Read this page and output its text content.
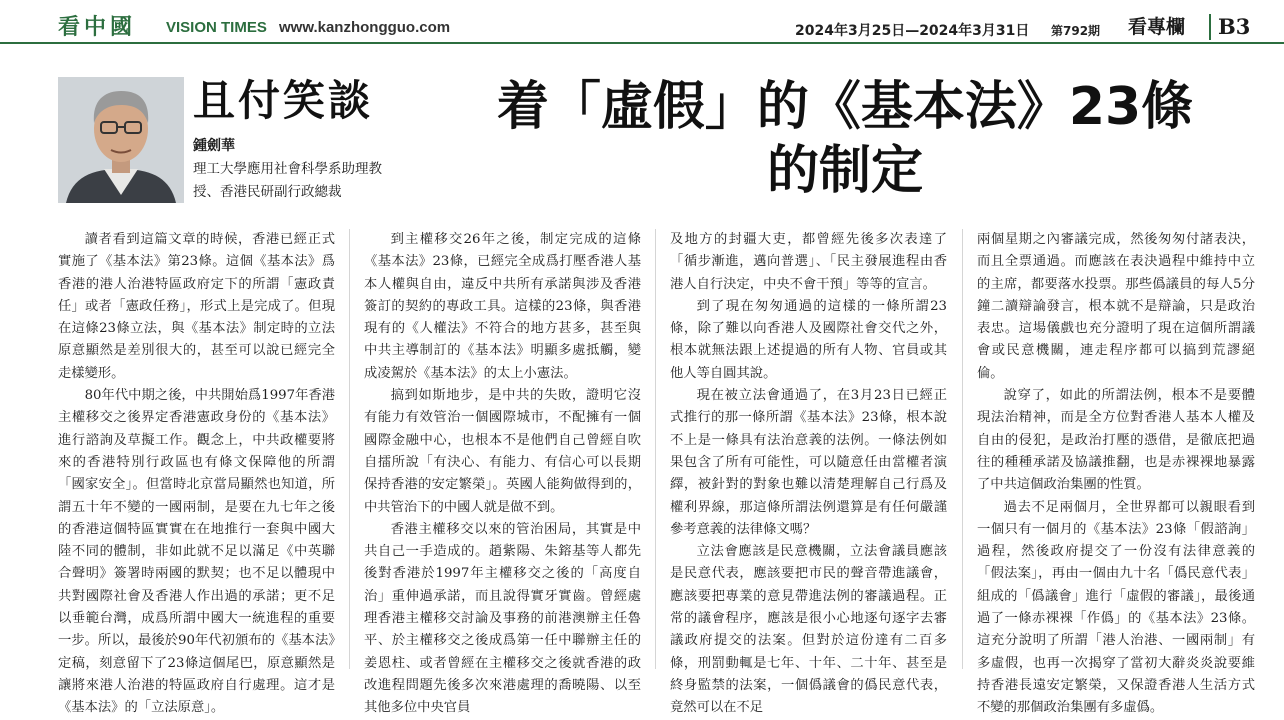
看中國 VISION TIMES www.kanzhongguo.com	2024年3月25日—2024年3月31日 第792期 看專欄 B3
且付笑談
鍾劍華
理工大學應用社會科學系助理教授、香港民研副行政總裁
着「虛假」的《基本法》23條
的制定

讀者看到這篇文章的時候，香港已經正式實施了《基本法》第23條。這個《基本法》爲香港的港人治港特區政府定下的所謂「憲政責任」或者「憲政任務」，形式上是完成了。但現在這條23條立法，與《基本法》制定時的立法原意顯然是差別很大的，甚至可以說已經完全走樣變形。

80年代中期之後，中共開始爲1997年香港主權移交之後界定香港憲政身份的《基本法》進行諮詢及草擬工作。觀念上，中共政權要將來的香港特別行政區也有條文保障他的所謂「國家安全」。但當時北京當局顯然也知道，所謂五十年不變的一國兩制，是要在九七年之後的香港這個特區實實在在地推行一套與中國大陸不同的體制，非如此就不足以滿足《中英聯合聲明》簽署時兩國的默契；也不足以體現中共對國際社會及香港人作出過的承諾；更不足以垂範台灣，成爲所謂中國大一統進程的重要一步。所以，最後於90年代初頒布的《基本法》定稿，刻意留下了23條這個尾巴，原意顯然是讓將來港人治港的特區政府自行處理。這才是《基本法》的「立法原意」。

到主權移交26年之後，制定完成的這條《基本法》23條，已經完全成爲打壓香港人基本人權與自由，違反中共所有承諾與涉及香港簽訂的契約的專政工具。這樣的23條，與香港現有的《人權法》不符合的地方甚多，甚至與中共主導制訂的《基本法》明顯多處抵觸，變成凌駕於《基本法》的太上小憲法。

搞到如斯地步，是中共的失敗，證明它沒有能力有效管治一個國際城市，不配擁有一個國際金融中心，也根本不是他們自己曾經自吹自擂所說「有決心、有能力、有信心可以長期保持香港的安定繁榮」。英國人能夠做得到的，中共管治下的中國人就是做不到。

香港主權移交以來的管治困局，其實是中共自己一手造成的。趙紫陽、朱鎔基等人都先後對香港於1997年主權移交之後的「高度自治」重伸過承諾，而且說得實牙實齒。曾經處理香港主權移交討論及事務的前港澳辦主任魯平、於主權移交之後成爲第一任中聯辦主任的姜恩柱、或者曾經在主權移交之後就香港的政改進程問題先後多次來港處理的喬曉陽、以至其他多位中央官員

及地方的封疆大吏，都曾經先後多次表達了「循步漸進，邁向普選」、「民主發展進程由香港人自行決定，中央不會干預」等等的宣言。

到了現在匆匆通過的這樣的一條所謂23條，除了難以向香港人及國際社會交代之外，根本就無法跟上述提過的所有人物、官員或其他人等自圓其說。

現在被立法會通過了，在3月23日已經正式推行的那一條所謂《基本法》23條，根本說不上是一條具有法治意義的法例。一條法例如果包含了所有可能性，可以隨意任由當權者演繹，被針對的對象也難以清楚理解自己行爲及權利界線，那這條所謂法例還算是有任何嚴謹參考意義的法律條文嗎？

立法會應該是民意機關，立法會議員應該是民意代表，應該要把市民的聲音帶進議會，應該要把專業的意見帶進法例的審議過程。正常的議會程序，應該是很小心地逐句逐字去審議政府提交的法案。但對於這份達有二百多條，刑罰動輒是七年、十年、二十年、甚至是終身監禁的法案，一個僞議會的僞民意代表，竟然可以在不足

兩個星期之內審議完成，然後匆匆付諸表決，而且全票通過。而應該在表決過程中維持中立的主席，都要落水投票。那些僞議員的每人5分鐘二讀辯論發言，根本就不是辯論，只是政治表忠。這場儀戲也充分證明了現在這個所謂議會或民意機關，連走程序都可以搞到荒謬絕倫。

說穿了，如此的所謂法例，根本不是要體現法治精神，而是全方位對香港人基本人權及自由的侵犯，是政治打壓的憑借，是徹底把過往的種種承諾及協議推翻，也是赤裸裸地暴露了中共這個政治集團的性質。

過去不足兩個月，全世界都可以親眼看到一個只有一個月的《基本法》23條「假諮詢」過程，然後政府提交了一份沒有法律意義的「假法案」，再由一個由九十名「僞民意代表」組成的「僞議會」進行「虛假的審議」，最後通過了一條赤裸裸「作僞」的《基本法》23條。這充分說明了所謂「港人治港、一國兩制」有多虛假，也再一次揭穿了當初大辭炎炎說要維持香港長遠安定繁榮，又保證香港人生活方式不變的那個政治集團有多虛僞。
